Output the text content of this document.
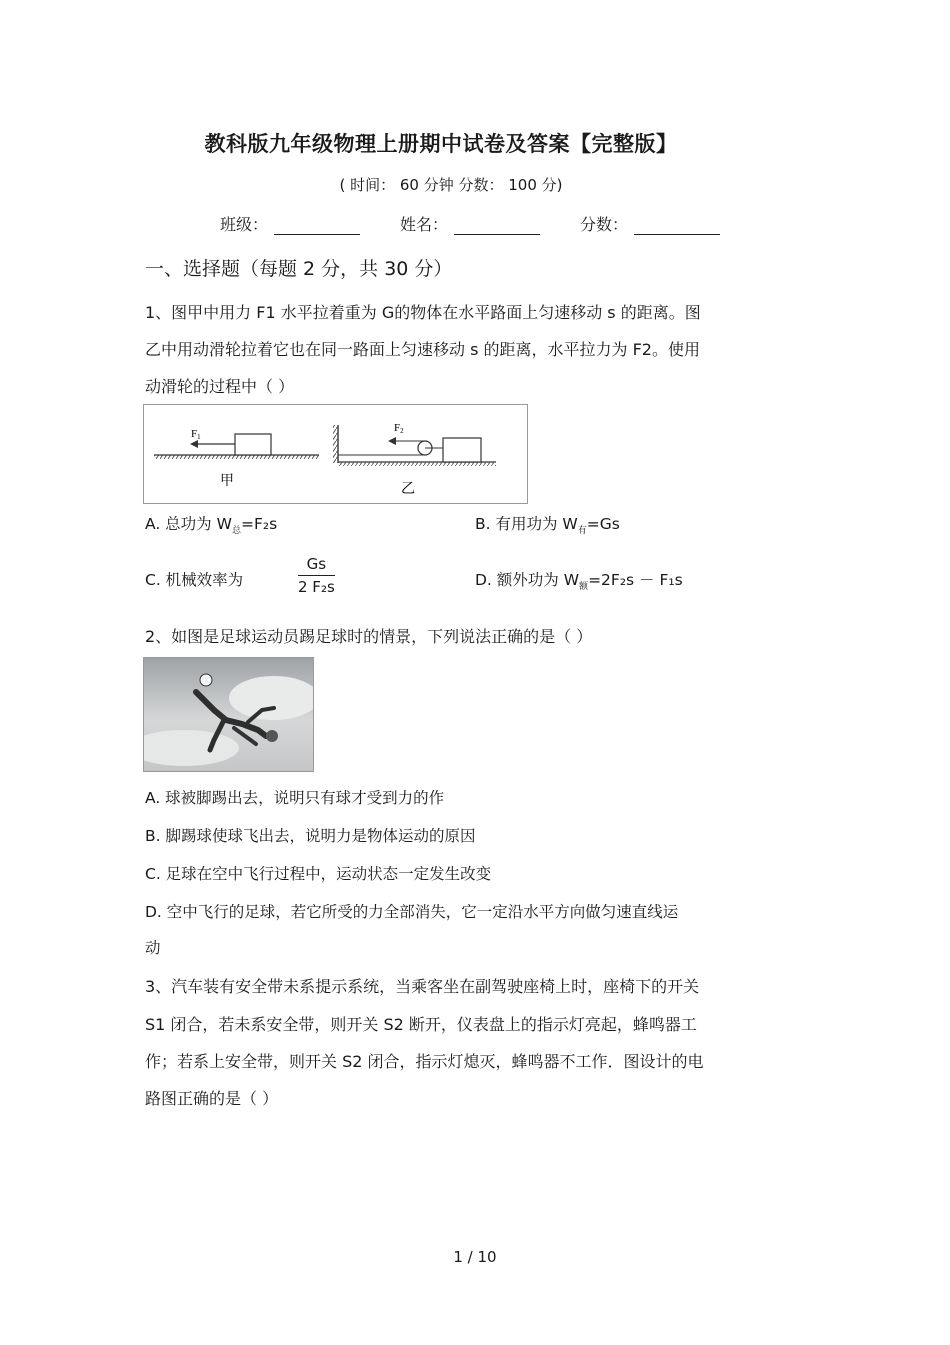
教科版九年级物理上册期中试卷及答案【完整版】
( 时间： 60 分钟 分数： 100 分)
班级：	姓名：	分数：
一、选择题（每题 2 分，共 30 分）
1、图甲中用力 F1 水平拉着重为 G的物体在水平路面上匀速移动 s 的距离。图
乙中用动滑轮拉着它也在同一路面上匀速移动 s 的距离，水平拉力为 F2。使用
动滑轮的过程中（ ）
F1
甲
F2
乙
A. 总功为 $W_总=F_2s$	B. 有用功为 $W_有=Gs$
C. 机械效率为
Gs
2 F₂s	D. 额外功为 $W_额=2F_2s - F_1s$
2、如图是足球运动员踢足球时的情景，下列说法正确的是（ ）
A. 球被脚踢出去，说明只有球才受到力的作
B. 脚踢球使球飞出去，说明力是物体运动的原因
C. 足球在空中飞行过程中，运动状态一定发生改变
D. 空中飞行的足球，若它所受的力全部消失，它一定沿水平方向做匀速直线运
动
3、汽车装有安全带未系提示系统，当乘客坐在副驾驶座椅上时，座椅下的开关
S1 闭合，若未系安全带，则开关 S2 断开，仪表盘上的指示灯亮起，蜂鸣器工
作；若系上安全带，则开关 S2 闭合，指示灯熄灭，蜂鸣器不工作．图设计的电
路图正确的是（ ）
1 / 10
